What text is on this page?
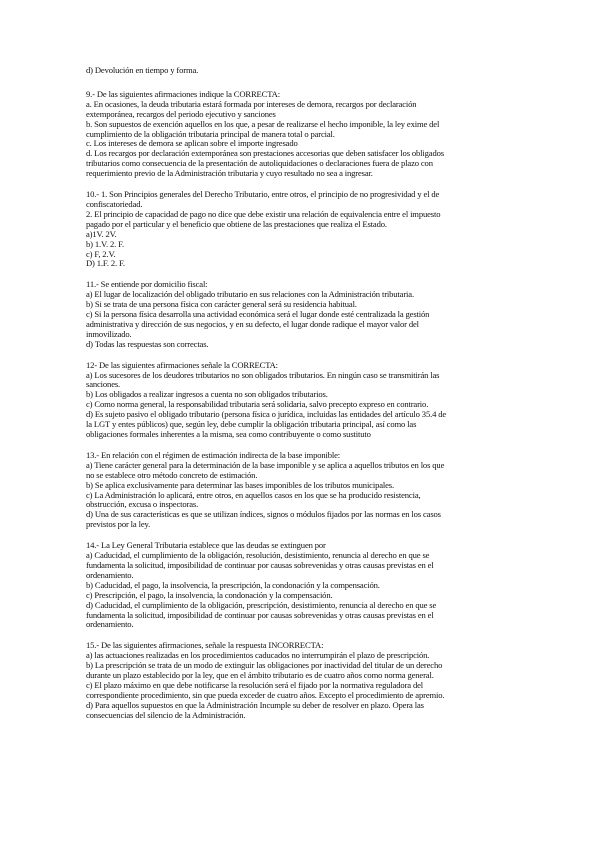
d) Devolución en tiempo y forma.
9.- De las siguientes afirmaciones indique la CORRECTA:
a. En ocasiones, la deuda tributaria estará formada por intereses de demora, recargos por declaración
extemporánea, recargos del periodo ejecutivo y sanciones
b. Son supuestos de exención aquellos en los que, a pesar de realizarse el hecho imponible, la ley exime del
cumplimiento de la obligación tributaria principal de manera total o parcial.
c. Los intereses de demora se aplican sobre el importe ingresado
d. Los recargos por declaración extemporánea son prestaciones accesorias que deben satisfacer los obligados
tributarios como consecuencia de la presentación de autoliquidaciones o declaraciones fuera de plazo con
requerimiento previo de la Administración tributaria y cuyo resultado no sea a ingresar.
10.- 1. Son Principios generales del Derecho Tributario, entre otros, el principio de no progresividad y el de
confiscatoriedad.
2. El principio de capacidad de pago no dice que debe existir una relación de equivalencia entre el impuesto
pagado por el particular y el beneficio que obtiene de las prestaciones que realiza el Estado.
a)1V. 2V.
b) 1.V. 2. F.
c) F, 2.V.
D) 1.F. 2. F.
11.- Se entiende por domicilio fiscal:
a) El lugar de localización del obligado tributario en sus relaciones con la Administración tributaria.
b) Si se trata de una persona física con carácter general será su residencia habitual.
c) Si la persona física desarrolla una actividad económica será el lugar donde esté centralizada la gestión
administrativa y dirección de sus negocios, y en su defecto, el lugar donde radique el mayor valor del
inmovilizado.
d) Todas las respuestas son correctas.
12- De las siguientes afirmaciones señale la CORRECTA:
a) Los sucesores de los deudores tributarios no son obligados tributarios. En ningún caso se transmitirán las
sanciones.
b) Los obligados a realizar ingresos a cuenta no son obligados tributarios.
c) Como norma general, la responsabilidad tributaria será solidaria, salvo precepto expreso en contrario.
d) Es sujeto pasivo el obligado tributario (persona física o jurídica, incluidas las entidades del artículo 35.4 de
la LGT y entes públicos) que, según ley, debe cumplir la obligación tributaria principal, así como las
obligaciones formales inherentes a la misma, sea como contribuyente o como sustituto
13.- En relación con el régimen de estimación indirecta de la base imponible:
a) Tiene carácter general para la determinación de la base imponible y se aplica a aquellos tributos en los que
no se establece otro método concreto de estimación.
b) Se aplica exclusivamente para determinar las bases imponibles de los tributos municipales.
c) La Administración lo aplicará, entre otros, en aquellos casos en los que se ha producido resistencia,
obstrucción, excusa o inspectoras.
d) Una de sus características es que se utilizan índices, signos o módulos fijados por las normas en los casos
previstos por la ley.
14.- La Ley General Tributaria establece que las deudas se extinguen por
a) Caducidad, el cumplimiento de la obligación, resolución, desistimiento, renuncia al derecho en que se
fundamenta la solicitud, imposibilidad de continuar por causas sobrevenidas y otras causas previstas en el
ordenamiento.
b) Caducidad, el pago, la insolvencia, la prescripción, la condonación y la compensación.
c) Prescripción, el pago, la insolvencia, la condonación y la compensación.
d) Caducidad, el cumplimiento de la obligación, prescripción, desistimiento, renuncia al derecho en que se
fundamenta la solicitud, imposibilidad de continuar por causas sobrevenidas y otras causas previstas en el
ordenamiento.
15.- De las siguientes afirmaciones, señale la respuesta INCORRECTA:
a) las actuaciones realizadas en los procedimientos caducados no interrumpirán el plazo de prescripción.
b) La prescripción se trata de un modo de extinguir las obligaciones por inactividad del titular de un derecho
durante un plazo establecido por la ley, que en el ámbito tributario es de cuatro años como norma general.
c) El plazo máximo en que debe notificarse la resolución será el fijado por la normativa reguladora del
correspondiente procedimiento, sin que pueda exceder de cuatro años. Excepto el procedimiento de apremio.
d) Para aquellos supuestos en que la Administración Incumple su deber de resolver en plazo. Opera las
consecuencias del silencio de la Administración.
